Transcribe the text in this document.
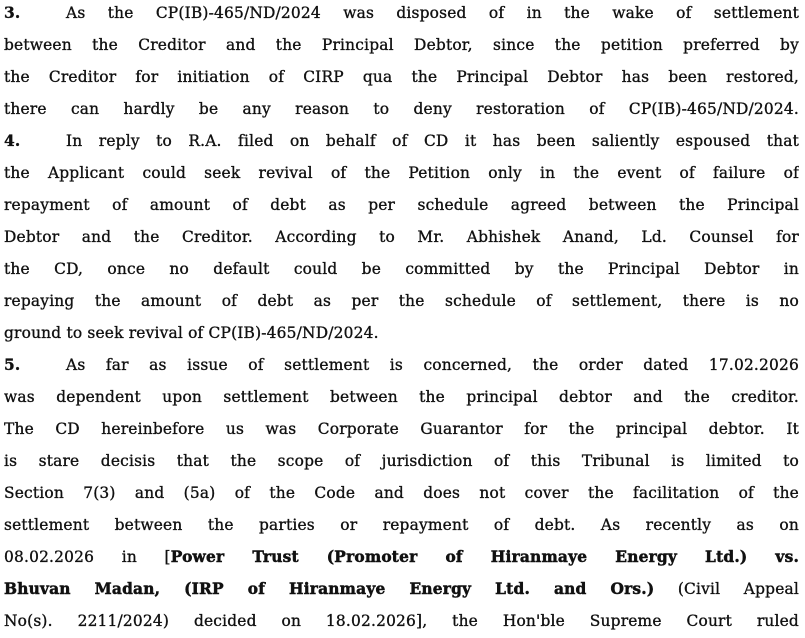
3.	As the CP(IB)-465/ND/2024 was disposed of in the wake of settlement
between the Creditor and the Principal Debtor, since the petition preferred by
the Creditor for initiation of CIRP qua the Principal Debtor has been restored,
there can hardly be any reason to deny restoration of CP(IB)-465/ND/2024.
4.	In reply to R.A. filed on behalf of CD it has been saliently espoused that
the Applicant could seek revival of the Petition only in the event of failure of
repayment of amount of debt as per schedule agreed between the Principal
Debtor and the Creditor. According to Mr. Abhishek Anand, Ld. Counsel for
the CD, once no default could be committed by the Principal Debtor in
repaying the amount of debt as per the schedule of settlement, there is no
ground to seek revival of CP(IB)-465/ND/2024.
5.	As far as issue of settlement is concerned, the order dated 17.02.2026
was dependent upon settlement between the principal debtor and the creditor.
The CD hereinbefore us was Corporate Guarantor for the principal debtor. It
is stare decisis that the scope of jurisdiction of this Tribunal is limited to
Section 7(3) and (5a) of the Code and does not cover the facilitation of the
settlement between the parties or repayment of debt. As recently as on
08.02.2026 in [Power Trust (Promoter of Hiranmaye Energy Ltd.) vs.
Bhuvan Madan, (IRP of Hiranmaye Energy Ltd. and Ors.) (Civil Appeal
No(s). 2211/2024) decided on 18.02.2026], the Hon'ble Supreme Court ruled
